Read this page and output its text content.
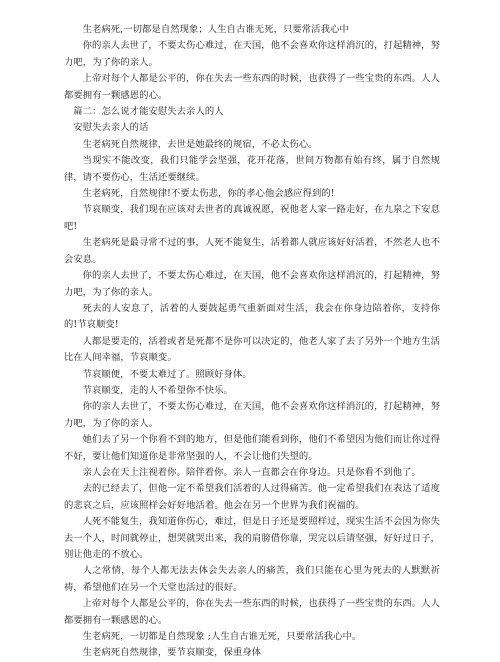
生老病死,一切都是自然现象；人生自古谁无死，只要常活我心中

你的亲人去世了，不要太伤心难过，在天国，他不会喜欢你这样消沉的，打起精神，努力吧，为了你的亲人。

上帝对每个人都是公平的，你在失去一些东西的时候，也获得了一些宝贵的东西。人人都要拥有一颗感恩的心。

篇二：怎么说才能安慰失去亲人的人

安慰失去亲人的话

生老病死自然规律，去世是她最终的规宿，不必太伤心。

当现实不能改变，我们只能学会坚强，花开花落，世间万物都有始有终，属于自然规律，请不要伤心，生活还要继续。

生老病死，自然规律!不要太伤悲，你的孝心他会感应得到的!

节哀顺变，我们现在应该对去世者的真诚祝愿，祝他老人家一路走好，在九泉之下安息吧!

生老病死是最寻常不过的事，人死不能复生，活着都人就应该好好活着，不然老人也不会安息。

你的亲人去世了，不要太伤心难过，在天国，他不会喜欢你这样消沉的，打起精神，努力吧，为了你的亲人。

死去的人安息了，活着的人要鼓起勇气重新面对生活，我会在你身边陪着你，支持你的!节哀顺变!

人都是要走的，活着或者是死都不是你可以决定的，他老人家了去了另外一个地方生活比在人间幸福，节哀顺变。

节哀顺便，不要太难过了。照顾好身体。

节哀顺变，走的人不希望你不快乐。

你的亲人去世了，不要太伤心难过，在天国，他不会喜欢你这样消沉的，打起精神，努力吧，为了你的亲人。

她们去了另一个你看不到的地方，但是他们能看到你，他们不希望因为他们而让你过得不好，要让他们知道你是非常坚强的人，不会让他们失望的。

亲人会在天上注视着你。陪伴着你。亲人一直都会在你身边。只是你看不到他了。

去的已经去了，但他一定不希望我们活着的人过得痛苦。他一定希望我们在表达了适度的悲哀之后，应该照样会好好地活着。他会在另一个世界为我们祝福的。

人死不能复生，我知道你伤心，难过，但是日子还是要照样过，现实生活不会因为你失去一个人，时间就停止，想哭就哭出来，我的肩膀借你靠，哭完以后请坚强，好好过日子，别让他走的不放心。

人之常情，每个人都无法去体会失去亲人的痛苦，我们只能在心里为死去的人默默祈祷，希望他们在另一个天堂也活过的很好。

上帝对每个人都是公平的，你在失去一些东西的时候，也获得了一些宝贵的东西。人人都要拥有一颗感恩的心。

生老病死，一切都是自然现象 ;人生自古谁无死，只要常活我心中。

生老病死自然规律，要节哀顺变，保重身体
